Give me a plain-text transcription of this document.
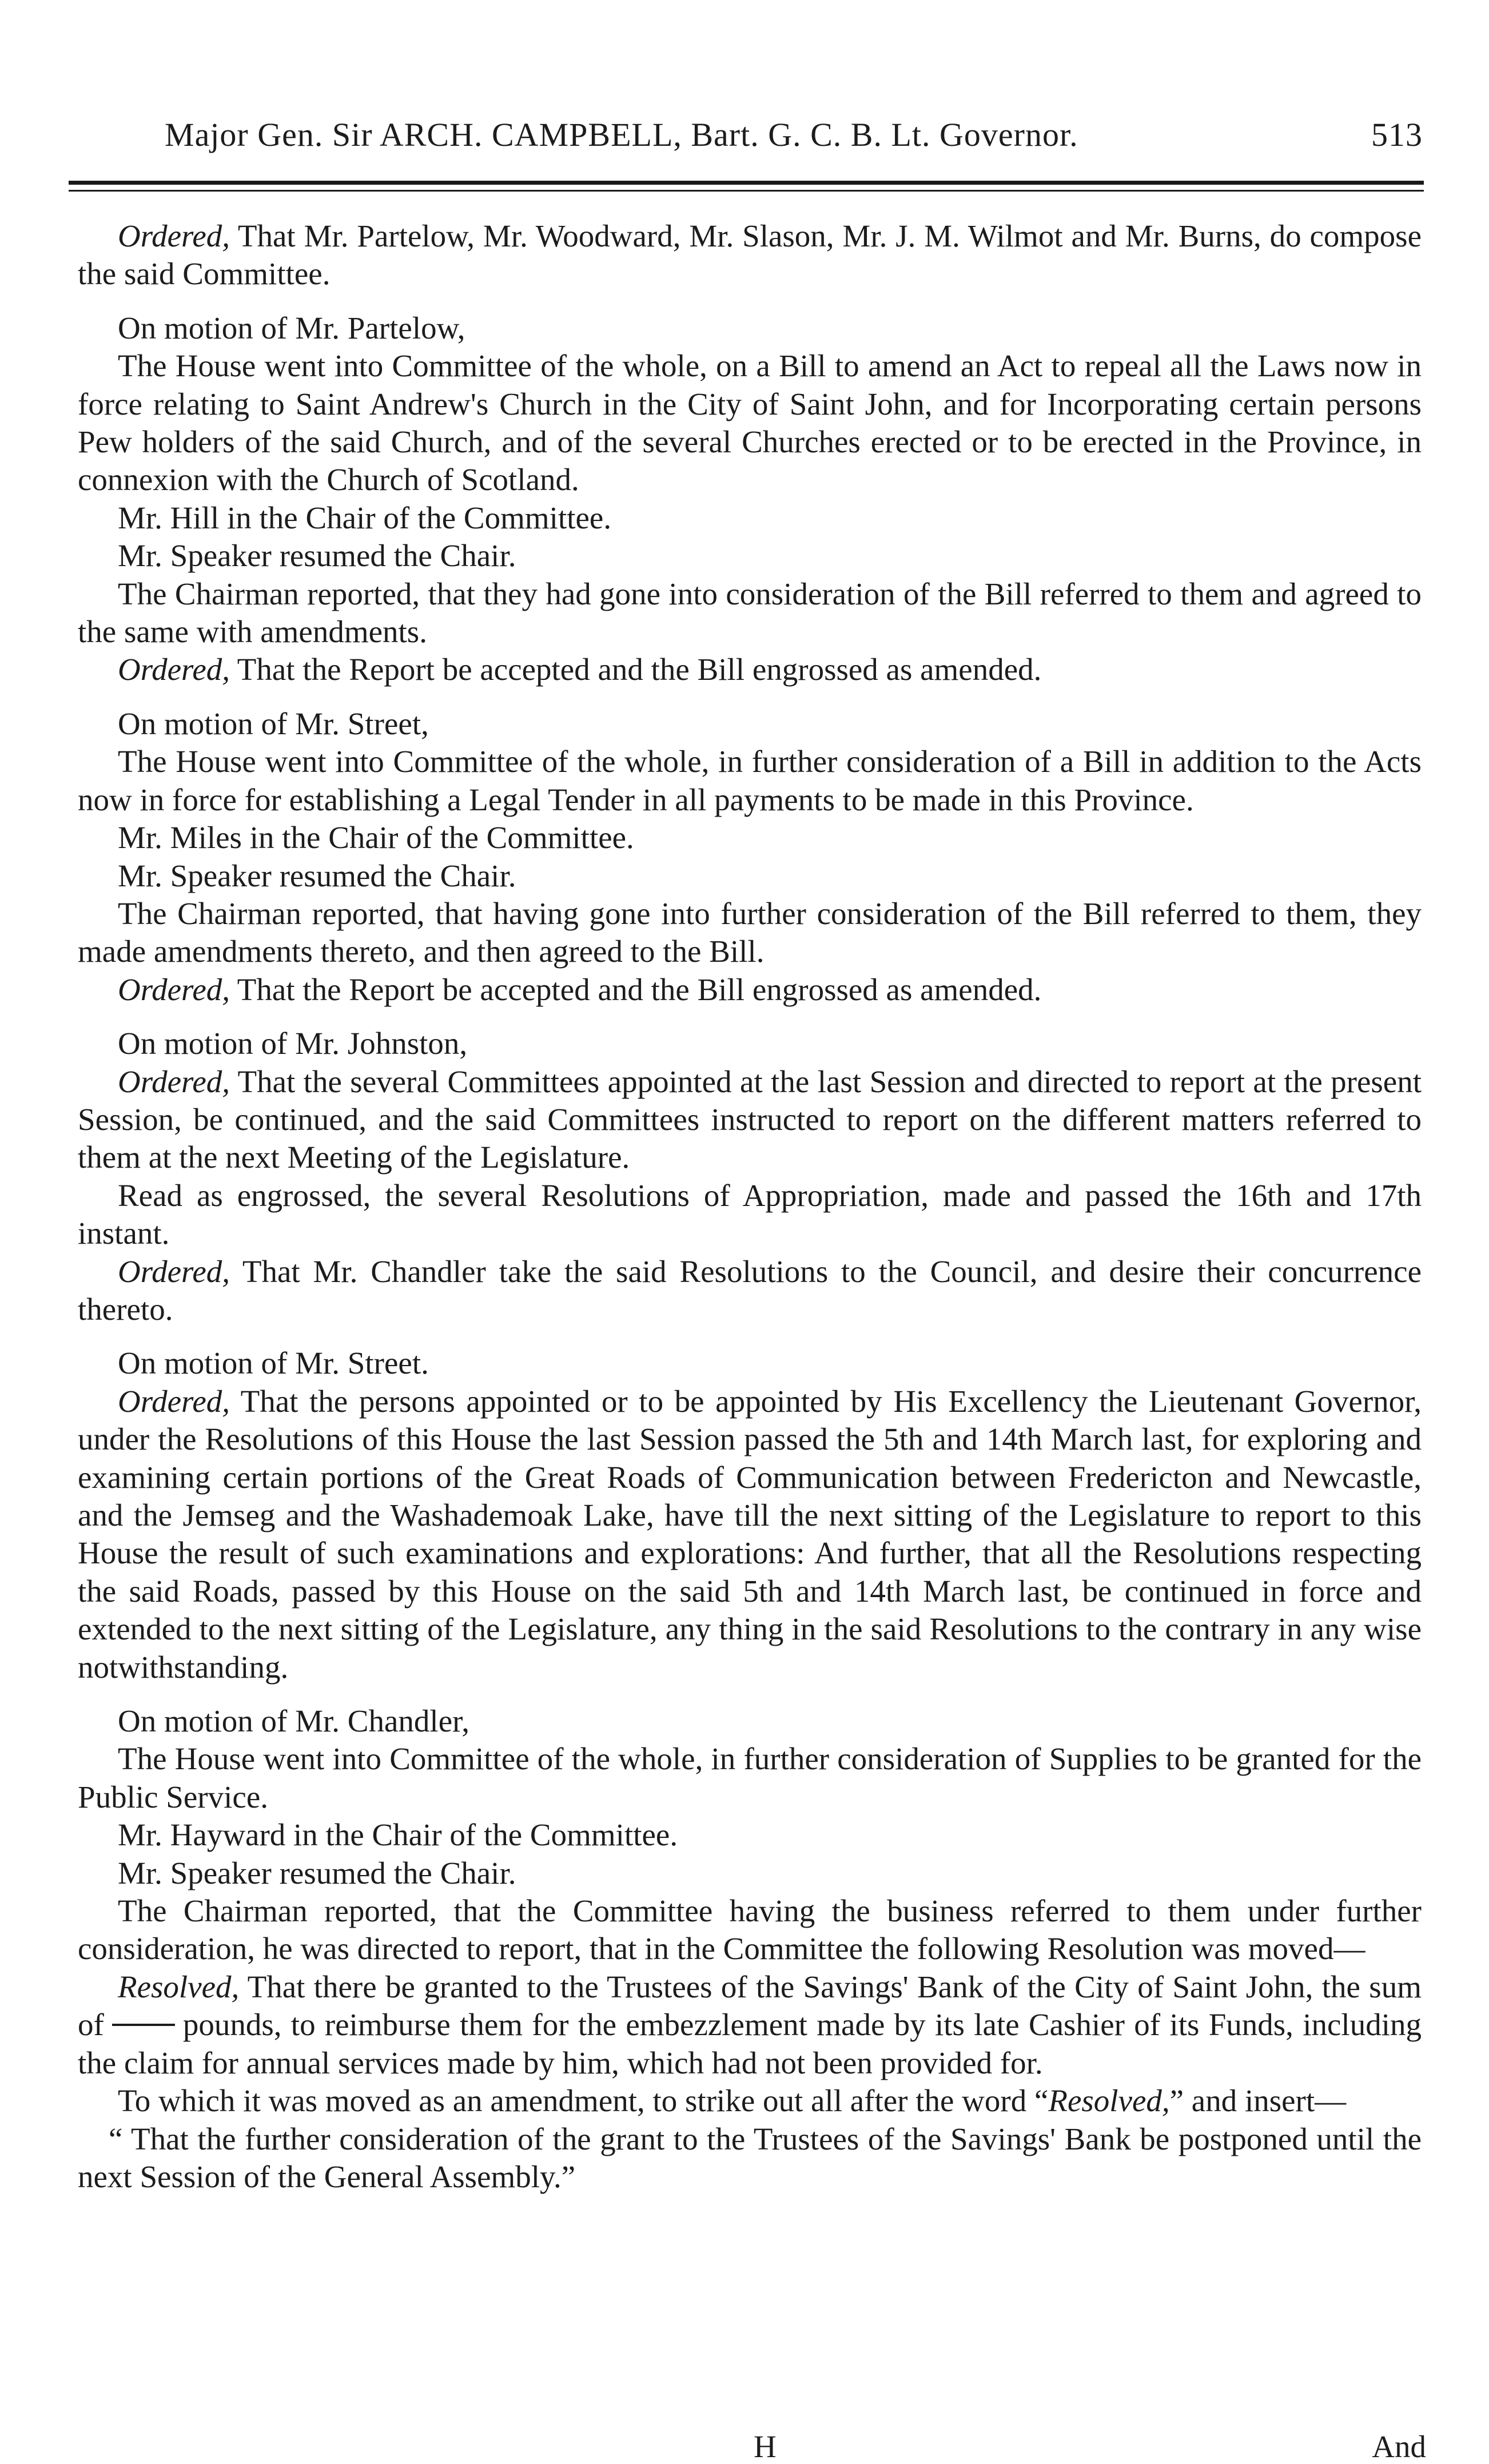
Major Gen. Sir ARCH. CAMPBELL, Bart. G. C. B. Lt. Governor.	513

Ordered, That Mr. Partelow, Mr. Woodward, Mr. Slason, Mr. J. M. Wilmot and Mr. Burns, do compose the said Committee.

On motion of Mr. Partelow,

The House went into Committee of the whole, on a Bill to amend an Act to repeal all the Laws now in force relating to Saint Andrew's Church in the City of Saint John, and for Incorporating certain persons Pew holders of the said Church, and of the several Churches erected or to be erected in the Province, in connexion with the Church of Scotland.

Mr. Hill in the Chair of the Committee.

Mr. Speaker resumed the Chair.

The Chairman reported, that they had gone into consideration of the Bill referred to them and agreed to the same with amendments.

Ordered, That the Report be accepted and the Bill engrossed as amended.

On motion of Mr. Street,

The House went into Committee of the whole, in further consideration of a Bill in addition to the Acts now in force for establishing a Legal Tender in all payments to be made in this Province.

Mr. Miles in the Chair of the Committee.

Mr. Speaker resumed the Chair.

The Chairman reported, that having gone into further consideration of the Bill referred to them, they made amendments thereto, and then agreed to the Bill.

Ordered, That the Report be accepted and the Bill engrossed as amended.

On motion of Mr. Johnston,

Ordered, That the several Committees appointed at the last Session and directed to report at the present Session, be continued, and the said Committees instructed to report on the different matters referred to them at the next Meeting of the Legislature.

Read as engrossed, the several Resolutions of Appropriation, made and passed the 16th and 17th instant.

Ordered, That Mr. Chandler take the said Resolutions to the Council, and desire their concurrence thereto.

On motion of Mr. Street.

Ordered, That the persons appointed or to be appointed by His Excellency the Lieutenant Governor, under the Resolutions of this House the last Session passed the 5th and 14th March last, for exploring and examining certain portions of the Great Roads of Communication between Fredericton and Newcastle, and the Jemseg and the Washademoak Lake, have till the next sitting of the Legislature to report to this House the result of such examinations and explorations: And further, that all the Resolutions respecting the said Roads, passed by this House on the said 5th and 14th March last, be continued in force and extended to the next sitting of the Legislature, any thing in the said Resolutions to the contrary in any wise notwithstanding.

On motion of Mr. Chandler,

The House went into Committee of the whole, in further consideration of Supplies to be granted for the Public Service.

Mr. Hayward in the Chair of the Committee.

Mr. Speaker resumed the Chair.

The Chairman reported, that the Committee having the business referred to them under further consideration, he was directed to report, that in the Committee the following Resolution was moved—

Resolved, That there be granted to the Trustees of the Savings' Bank of the City of Saint John, the sum of	pounds, to reimburse them for the embezzlement made by its late Cashier of its Funds, including the claim for annual services made by him, which had not been provided for.

To which it was moved as an amendment, to strike out all after the word “Resolved,” and insert—

“ That the further consideration of the grant to the Trustees of the Savings' Bank be postponed until the next Session of the General Assembly.”

H	And
